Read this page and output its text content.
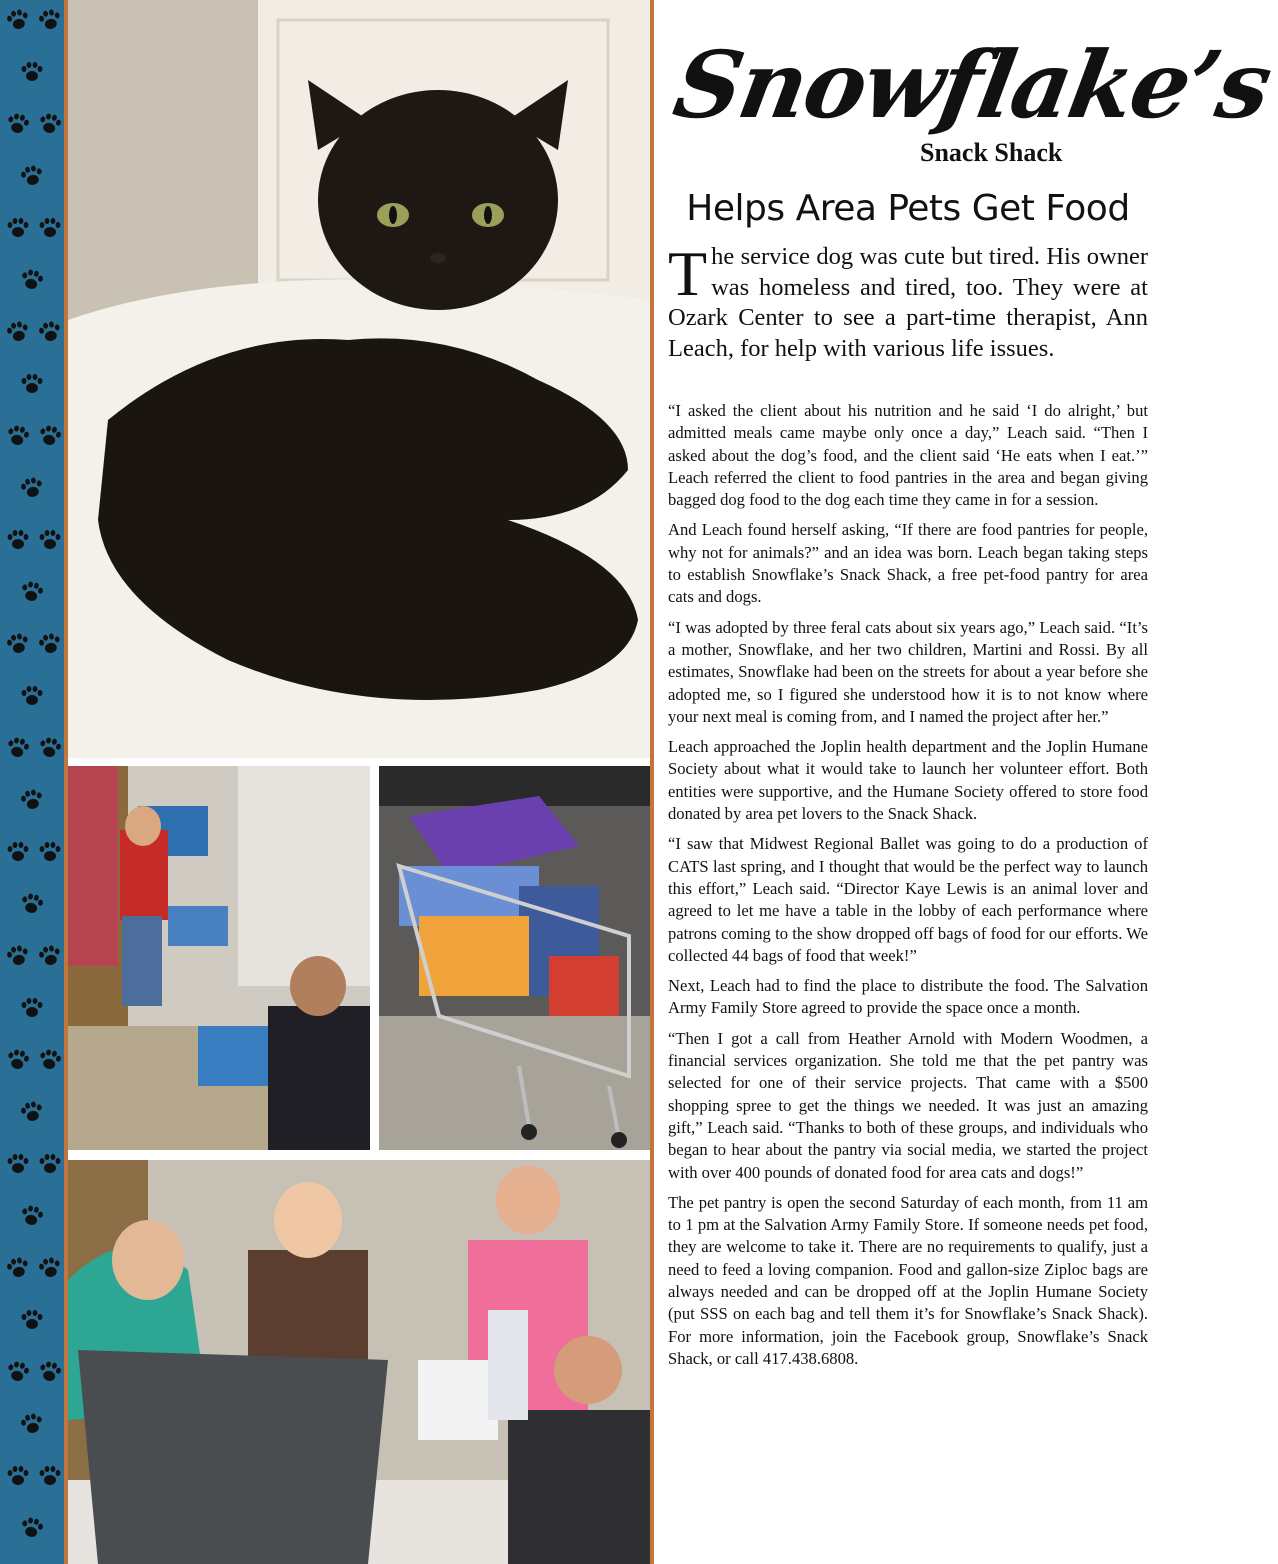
Snowflake’s
Snack Shack
Helps Area Pets Get Food
The service dog was cute but tired. His owner was homeless and tired, too. They were at Ozark Center to see a part-time therapist, Ann Leach, for help with various life issues.

“I asked the client about his nutrition and he said ‘I do alright,’ but admitted meals came maybe only once a day,” Leach said. “Then I asked about the dog’s food, and the client said ‘He eats when I eat.’” Leach referred the client to food pantries in the area and began giving bagged dog food to the dog each time they came in for a session.

And Leach found herself asking, “If there are food pantries for people, why not for animals?” and an idea was born. Leach began taking steps to establish Snowflake’s Snack Shack, a free pet-food pantry for area cats and dogs.

“I was adopted by three feral cats about six years ago,” Leach said. “It’s a mother, Snowflake, and her two children, Martini and Rossi. By all estimates, Snowflake had been on the streets for about a year before she adopted me, so I figured she understood how it is to not know where your next meal is coming from, and I named the project after her.”

Leach approached the Joplin health department and the Joplin Humane Society about what it would take to launch her volunteer effort. Both entities were supportive, and the Humane Society offered to store food donated by area pet lovers to the Snack Shack.

“I saw that Midwest Regional Ballet was going to do a production of CATS last spring, and I thought that would be the perfect way to launch this effort,” Leach said. “Director Kaye Lewis is an animal lover and agreed to let me have a table in the lobby of each performance where patrons coming to the show dropped off bags of food for our efforts. We collected 44 bags of food that week!”

Next, Leach had to find the place to distribute the food. The Salvation Army Family Store agreed to provide the space once a month.

“Then I got a call from Heather Arnold with Modern Woodmen, a financial services organization. She told me that the pet pantry was selected for one of their service projects. That came with a $500 shopping spree to get the things we needed. It was just an amazing gift,” Leach said. “Thanks to both of these groups, and individuals who began to hear about the pantry via social media, we started the project with over 400 pounds of donated food for area cats and dogs!”

The pet pantry is open the second Saturday of each month, from 11 am to 1 pm at the Salvation Army Family Store. If someone needs pet food, they are welcome to take it. There are no requirements to qualify, just a need to feed a loving companion. Food and gallon-size Ziploc bags are always needed and can be dropped off at the Joplin Humane Society (put SSS on each bag and tell them it’s for Snowflake’s Snack Shack). For more information, join the Facebook group, Snowflake’s Snack Shack, or call 417.438.6808.
